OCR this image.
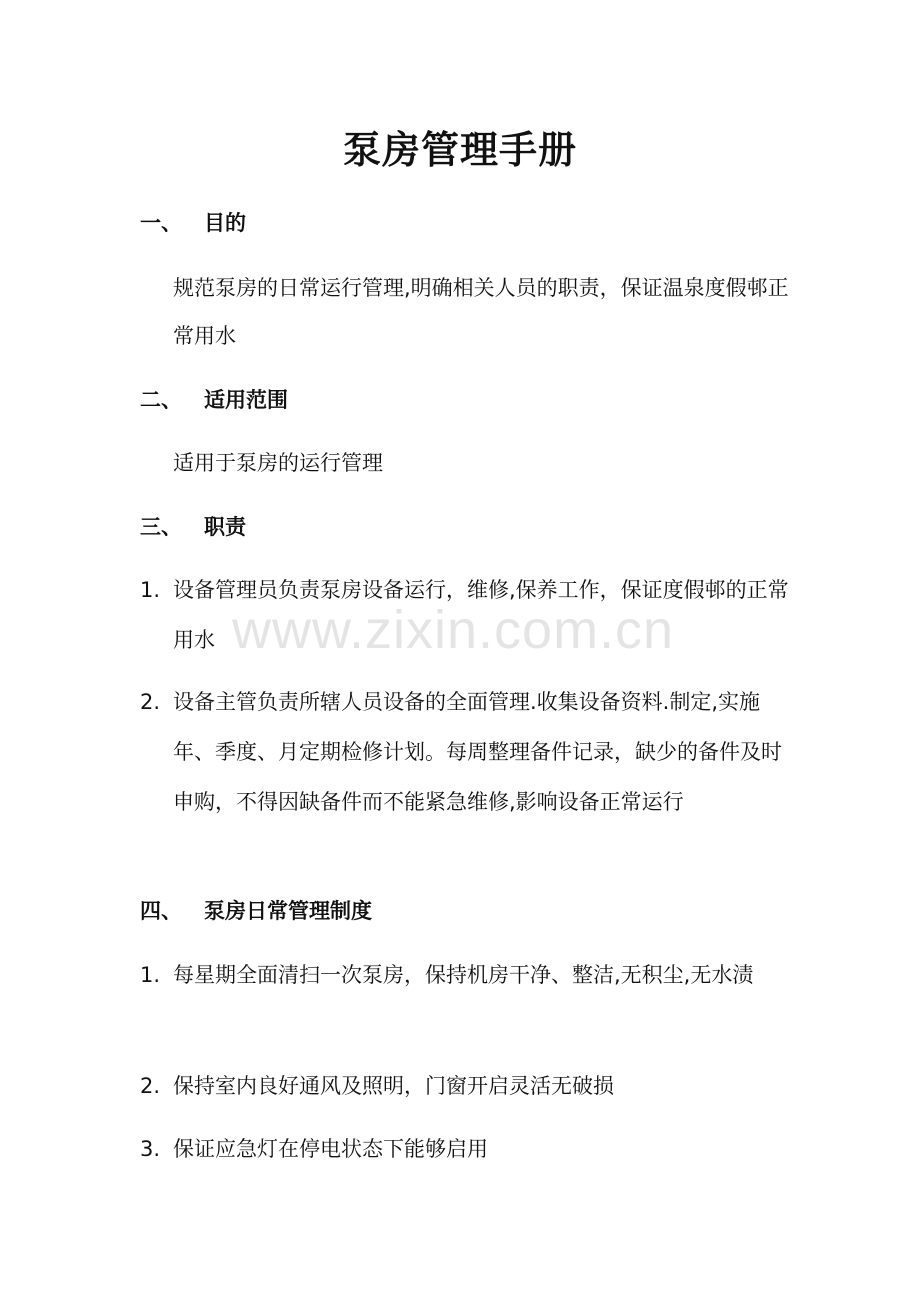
泵房管理手册
一、 目的
规范泵房的日常运行管理,明确相关人员的职责，保证温泉度假邨正常用水
二、 适用范围
适用于泵房的运行管理
三、 职责
1. 设备管理员负责泵房设备运行，维修,保养工作，保证度假邨的正常用水
2. 设备主管负责所辖人员设备的全面管理.收集设备资料.制定,实施年、季度、月定期检修计划。每周整理备件记录，缺少的备件及时申购，不得因缺备件而不能紧急维修,影响设备正常运行
四、 泵房日常管理制度
1. 每星期全面清扫一次泵房，保持机房干净、整洁,无积尘,无水渍
2. 保持室内良好通风及照明，门窗开启灵活无破损
3. 保证应急灯在停电状态下能够启用
www.zixin.com.cn
